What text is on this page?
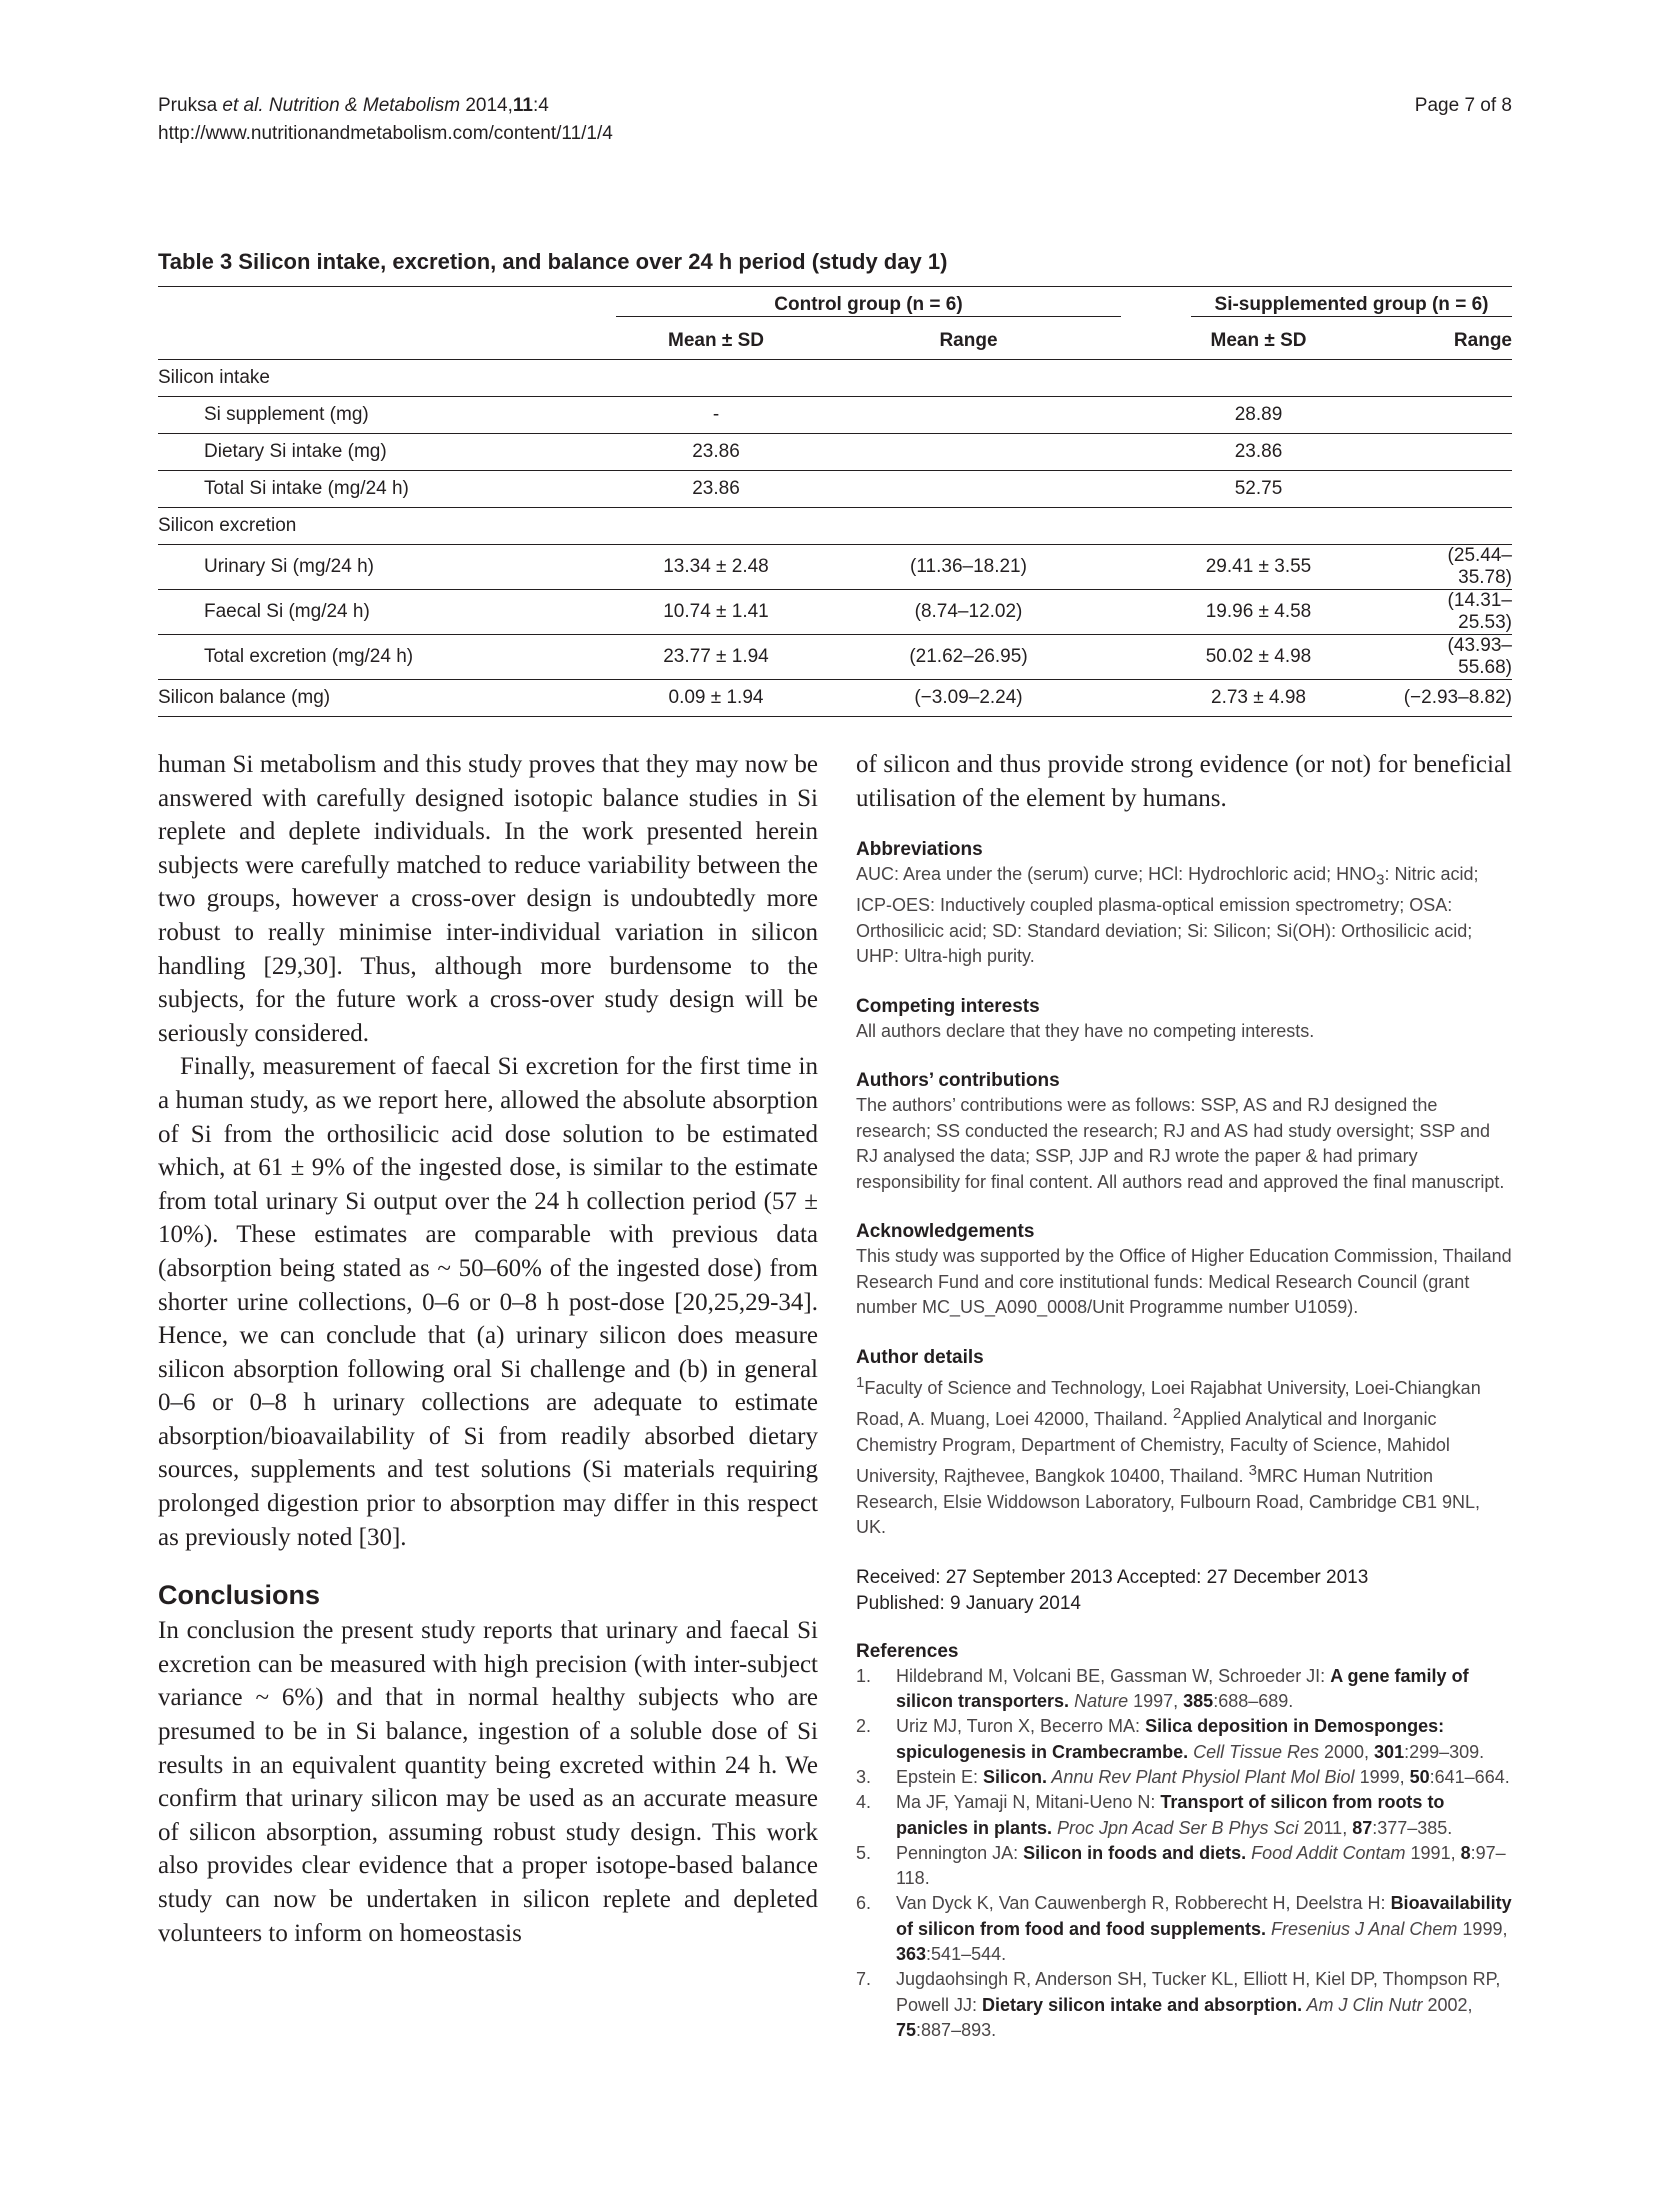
Pruksa et al. Nutrition & Metabolism 2014,11:4
http://www.nutritionandmetabolism.com/content/11/1/4
Page 7 of 8
Table 3 Silicon intake, excretion, and balance over 24 h period (study day 1)
	Control group (n = 6)		Si-supplemented group (n = 6)	
	Mean ± SD	Range	Mean ± SD	Range
Silicon intake				
Si supplement (mg)	-		28.89	
Dietary Si intake (mg)	23.86		23.86	
Total Si intake (mg/24 h)	23.86		52.75	
Silicon excretion				
Urinary Si (mg/24 h)	13.34 ± 2.48	(11.36–18.21)	29.41 ± 3.55	(25.44–35.78)
Faecal Si (mg/24 h)	10.74 ± 1.41	(8.74–12.02)	19.96 ± 4.58	(14.31–25.53)
Total excretion (mg/24 h)	23.77 ± 1.94	(21.62–26.95)	50.02 ± 4.98	(43.93–55.68)
Silicon balance (mg)	0.09 ± 1.94	(−3.09–2.24)	2.73 ± 4.98	(−2.93–8.82)

human Si metabolism and this study proves that they may now be answered with carefully designed isotopic balance studies in Si replete and deplete individuals. In the work presented herein subjects were carefully matched to reduce variability between the two groups, however a cross-over design is undoubtedly more robust to really minimise inter-individual variation in silicon handling [29,30]. Thus, although more burdensome to the subjects, for the future work a cross-over study design will be seriously considered.

Finally, measurement of faecal Si excretion for the first time in a human study, as we report here, allowed the absolute absorption of Si from the orthosilicic acid dose solution to be estimated which, at 61 ± 9% of the ingested dose, is similar to the estimate from total urinary Si output over the 24 h collection period (57 ± 10%). These estimates are comparable with previous data (absorption being stated as ~ 50–60% of the ingested dose) from shorter urine collections, 0–6 or 0–8 h post-dose [20,25,29-34]. Hence, we can conclude that (a) urinary silicon does measure silicon absorption following oral Si challenge and (b) in general 0–6 or 0–8 h urinary collections are adequate to estimate absorption/bioavailability of Si from readily absorbed dietary sources, supplements and test solutions (Si materials requiring prolonged digestion prior to absorption may differ in this respect as previously noted [30].

Conclusions

In conclusion the present study reports that urinary and faecal Si excretion can be measured with high precision (with inter-subject variance ~ 6%) and that in normal healthy subjects who are presumed to be in Si balance, ingestion of a soluble dose of Si results in an equivalent quantity being excreted within 24 h. We confirm that urinary silicon may be used as an accurate measure of silicon absorption, assuming robust study design. This work also provides clear evidence that a proper isotope-based balance study can now be undertaken in silicon replete and depleted volunteers to inform on homeostasis

of silicon and thus provide strong evidence (or not) for beneficial utilisation of the element by humans.

Abbreviations

AUC: Area under the (serum) curve; HCl: Hydrochloric acid; $HNO_3$: Nitric acid; ICP-OES: Inductively coupled plasma-optical emission spectrometry; OSA: Orthosilicic acid; SD: Standard deviation; Si: Silicon; Si(OH): Orthosilicic acid; UHP: Ultra-high purity.

Competing interests

All authors declare that they have no competing interests.

Authors’ contributions

The authors’ contributions were as follows: SSP, AS and RJ designed the research; SS conducted the research; RJ and AS had study oversight; SSP and RJ analysed the data; SSP, JJP and RJ wrote the paper & had primary responsibility for final content. All authors read and approved the final manuscript.

Acknowledgements

This study was supported by the Office of Higher Education Commission, Thailand Research Fund and core institutional funds: Medical Research Council (grant number MC_US_A090_0008/Unit Programme number U1059).

Author details

$^1$Faculty of Science and Technology, Loei Rajabhat University, Loei-Chiangkan Road, A. Muang, Loei 42000, Thailand. $^2$Applied Analytical and Inorganic Chemistry Program, Department of Chemistry, Faculty of Science, Mahidol University, Rajthevee, Bangkok 10400, Thailand. $^3$MRC Human Nutrition Research, Elsie Widdowson Laboratory, Fulbourn Road, Cambridge CB1 9NL, UK.

Received: 27 September 2013 Accepted: 27 December 2013
Published: 9 January 2014

References

1. Hildebrand M, Volcani BE, Gassman W, Schroeder JI: A gene family of silicon transporters. Nature 1997, 385:688–689.
2. Uriz MJ, Turon X, Becerro MA: Silica deposition in Demosponges: spiculogenesis in Crambecrambe. Cell Tissue Res 2000, 301:299–309.
3. Epstein E: Silicon. Annu Rev Plant Physiol Plant Mol Biol 1999, 50:641–664.
4. Ma JF, Yamaji N, Mitani-Ueno N: Transport of silicon from roots to panicles in plants. Proc Jpn Acad Ser B Phys Sci 2011, 87:377–385.
5. Pennington JA: Silicon in foods and diets. Food Addit Contam 1991, 8:97–118.
6. Van Dyck K, Van Cauwenbergh R, Robberecht H, Deelstra H: Bioavailability of silicon from food and food supplements. Fresenius J Anal Chem 1999, 363:541–544.
7. Jugdaohsingh R, Anderson SH, Tucker KL, Elliott H, Kiel DP, Thompson RP, Powell JJ: Dietary silicon intake and absorption. Am J Clin Nutr 2002, 75:887–893.
